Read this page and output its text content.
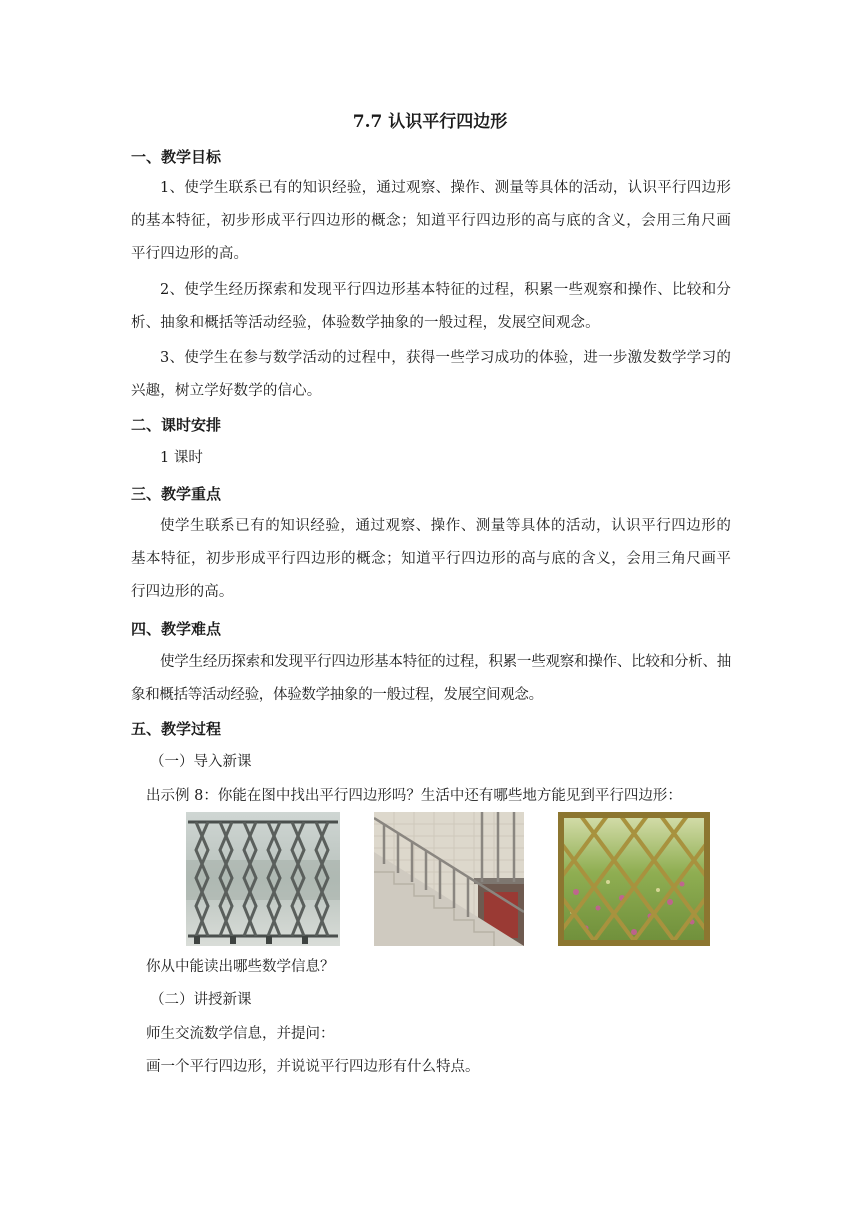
7.7 认识平行四边形
一、教学目标
1、使学生联系已有的知识经验，通过观察、操作、测量等具体的活动，认识平行四边形的基本特征，初步形成平行四边形的概念；知道平行四边形的高与底的含义，会用三角尺画平行四边形的高。
2、使学生经历探索和发现平行四边形基本特征的过程，积累一些观察和操作、比较和分析、抽象和概括等活动经验，体验数学抽象的一般过程，发展空间观念。
3、使学生在参与数学活动的过程中，获得一些学习成功的体验，进一步激发数学学习的兴趣，树立学好数学的信心。
二、课时安排
1 课时
三、教学重点
使学生联系已有的知识经验，通过观察、操作、测量等具体的活动，认识平行四边形的基本特征，初步形成平行四边形的概念；知道平行四边形的高与底的含义，会用三角尺画平行四边形的高。
四、教学难点
使学生经历探索和发现平行四边形基本特征的过程，积累一些观察和操作、比较和分析、抽象和概括等活动经验，体验数学抽象的一般过程，发展空间观念。
五、教学过程
（一）导入新课
出示例 8：你能在图中找出平行四边形吗？生活中还有哪些地方能见到平行四边形：
你从中能读出哪些数学信息？
（二）讲授新课
师生交流数学信息，并提问：
画一个平行四边形，并说说平行四边形有什么特点。
